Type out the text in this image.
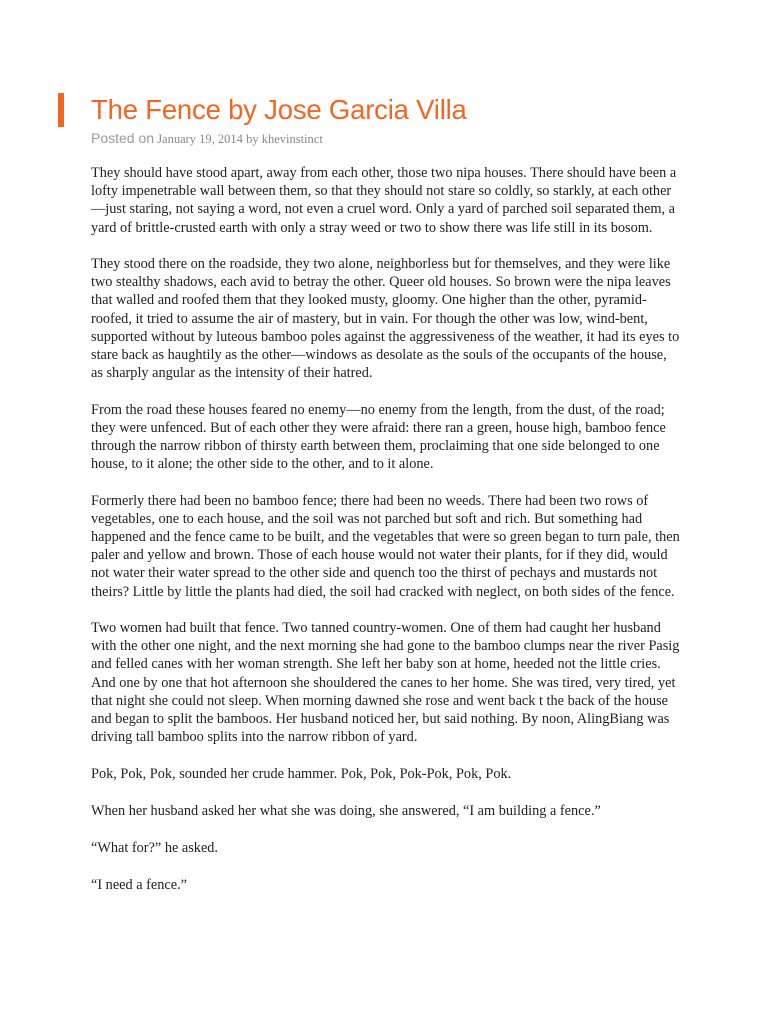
The Fence by Jose Garcia Villa
Posted on January 19, 2014 by khevinstinct

They should have stood apart, away from each other, those two nipa houses. There should have been a lofty impenetrable wall between them, so that they should not stare so coldly, so starkly, at each other—just staring, not saying a word, not even a cruel word. Only a yard of parched soil separated them, a yard of brittle-crusted earth with only a stray weed or two to show there was life still in its bosom.

They stood there on the roadside, they two alone, neighborless but for themselves, and they were like two stealthy shadows, each avid to betray the other. Queer old houses. So brown were the nipa leaves that walled and roofed them that they looked musty, gloomy. One higher than the other, pyramid-roofed, it tried to assume the air of mastery, but in vain. For though the other was low, wind-bent, supported without by luteous bamboo poles against the aggressiveness of the weather, it had its eyes to stare back as haughtily as the other—windows as desolate as the souls of the occupants of the house, as sharply angular as the intensity of their hatred.

From the road these houses feared no enemy—no enemy from the length, from the dust, of the road; they were unfenced. But of each other they were afraid: there ran a green, house high, bamboo fence through the narrow ribbon of thirsty earth between them, proclaiming that one side belonged to one house, to it alone; the other side to the other, and to it alone.

Formerly there had been no bamboo fence; there had been no weeds. There had been two rows of vegetables, one to each house, and the soil was not parched but soft and rich. But something had happened and the fence came to be built, and the vegetables that were so green began to turn pale, then paler and yellow and brown. Those of each house would not water their plants, for if they did, would not water their water spread to the other side and quench too the thirst of pechays and mustards not theirs? Little by little the plants had died, the soil had cracked with neglect, on both sides of the fence.

Two women had built that fence. Two tanned country-women. One of them had caught her husband with the other one night, and the next morning she had gone to the bamboo clumps near the river Pasig and felled canes with her woman strength. She left her baby son at home, heeded not the little cries. And one by one that hot afternoon she shouldered the canes to her home. She was tired, very tired, yet that night she could not sleep. When morning dawned she rose and went back t the back of the house and began to split the bamboos. Her husband noticed her, but said nothing. By noon, AlingBiang was driving tall bamboo splits into the narrow ribbon of yard.

Pok, Pok, Pok, sounded her crude hammer. Pok, Pok, Pok-Pok, Pok, Pok.

When her husband asked her what she was doing, she answered, “I am building a fence.”

“What for?” he asked.

“I need a fence.”
